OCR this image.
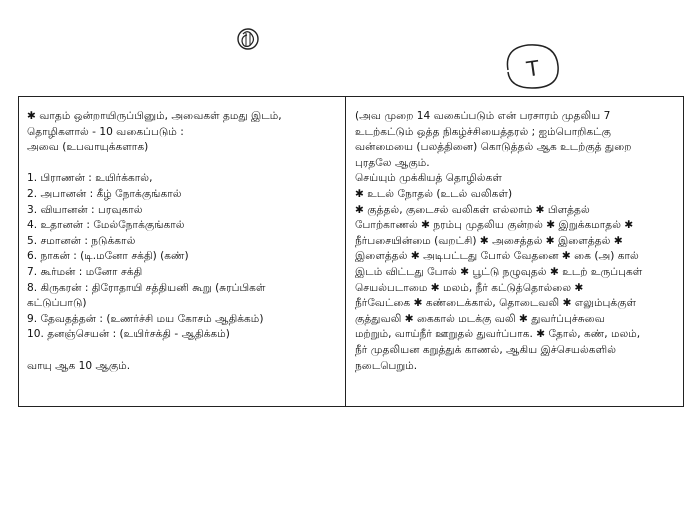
T
✱ வாதம் ஒன்றாயிருப்பினும், அவைகள் தமது இடம்,
தொழிகளால் - 10 வகைப்படும் :
அவை (உபவாயுக்களாக)
1. பிராணன் : உயிர்க்கால்,
2. அபானன் : கீழ் நோக்குங்கால்
3. வியானன் : பரவுகால்
4. உதானன் : மேல்நோக்குங்கால்
5. சமானன் : நடுக்கால்
6. நாகன் : (டி.மனோ சக்தி) (கண்)
7. கூர்மன் : மனோ சக்தி
8. கிருகரன் : திரோதாயி சத்தியனி கூறு (சுரப்பிகள்
கட்டுப்பாடு)
9. தேவதத்தன் : (உணர்ச்சி மய கோசம் ஆதிக்கம்)
10. தனஞ்செயன் : (உயிர்சக்தி - ஆதிக்கம்)
வாயு ஆக 10 ஆகும்.
(அவ முறை 14 வகைப்படும் என் பரசாரம் முதலிய 7
உடற்கட்டும் ஒத்த நிகழ்ச்சியைத்தரல் ; ஐம்பொறிகட்கு
வன்மையை (பலத்தினை) கொடுத்தல் ஆக உடற்குத் துறை
புரதலே ஆகும்.
செய்யும் முக்கியத் தொழில்கள்
✱ உடல் நோதல் (உடல் வலிகள்)
✱ குத்தல், குடைசல் வலிகள் எல்லாம் ✱ பிளத்தல்
போற்காணல் ✱ நரம்பு முதலிய குன்றல் ✱ இறுக்கமாதல் ✱
நீர்பசையின்மை (வறட்சி) ✱ அசைத்தல் ✱ இளைத்தல் ✱
இளைத்தல் ✱ அடிபட்டது போல் வேதனை ✱ கை (அ) கால்
இடம் விட்டது போல் ✱ பூட்டு நழுவுதல் ✱ உடற் உருப்புகள்
செயல்படாமை ✱ மலம், நீர் கட்டுத்தொல்லை ✱
நீர்வேட்கை ✱ கண்டைக்கால், தொடைவலி ✱ எலும்புக்குள்
குத்துவலி ✱ கைகால் மடக்கு வலி ✱ துவர்ப்புச்சுவை
மற்றும், வாய்நீர் ஊறுதல் துவர்ப்பாக. ✱ தோல், கண், மலம்,
நீர் முதலியன கறுத்துக் காணல், ஆகிய இச்செயல்களில்
நடைபெறும்.
